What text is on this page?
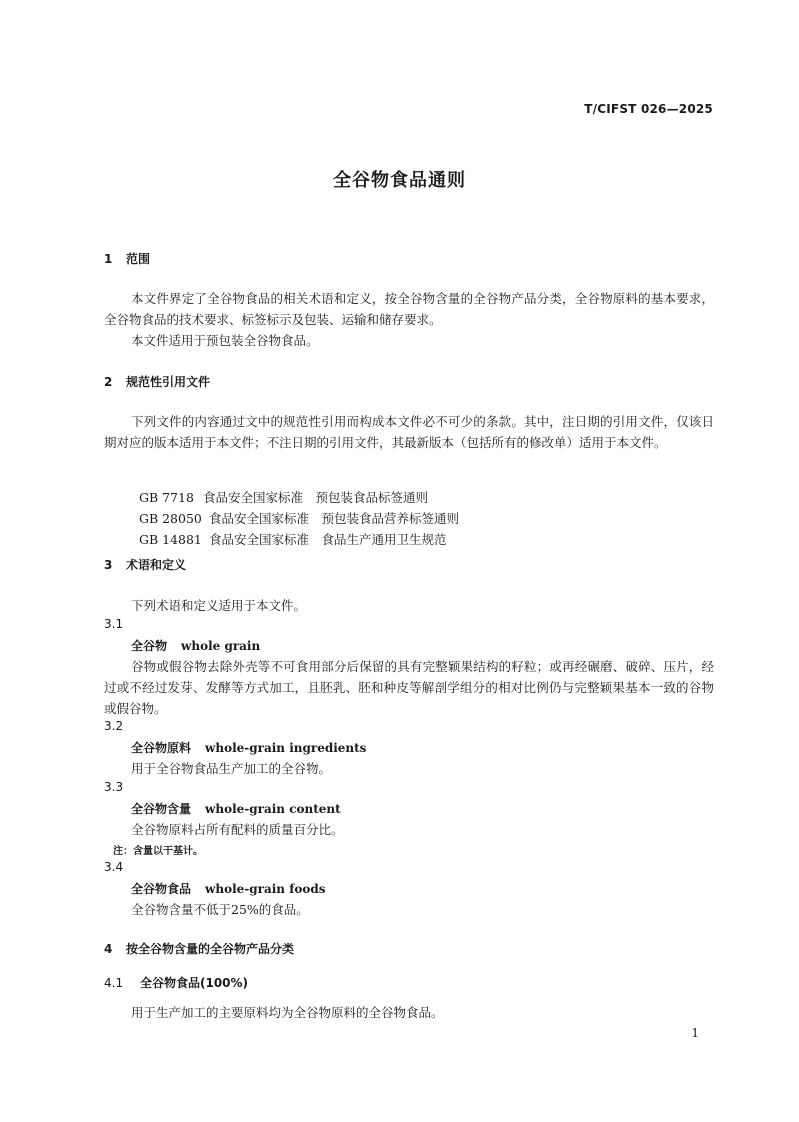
T/CIFST 026—2025
全谷物食品通则
1 范围
本文件界定了全谷物食品的相关术语和定义，按全谷物含量的全谷物产品分类，全谷物原料的基本要求，全谷物食品的技术要求、标签标示及包装、运输和储存要求。
本文件适用于预包装全谷物食品。
2 规范性引用文件
下列文件的内容通过文中的规范性引用而构成本文件必不可少的条款。其中，注日期的引用文件，仅该日期对应的版本适用于本文件；不注日期的引用文件，其最新版本（包括所有的修改单）适用于本文件。

GB 7718 食品安全国家标准　预包装食品标签通则

GB 28050 食品安全国家标准　预包装食品营养标签通则

GB 14881 食品安全国家标准　食品生产通用卫生规范

3 术语和定义
下列术语和定义适用于本文件。
3.1
全谷物 whole grain
谷物或假谷物去除外壳等不可食用部分后保留的具有完整颖果结构的籽粒；或再经碾磨、破碎、压片，经过或不经过发芽、发酵等方式加工，且胚乳、胚和种皮等解剖学组分的相对比例仍与完整颖果基本一致的谷物或假谷物。
3.2
全谷物原料 whole-grain ingredients
用于全谷物食品生产加工的全谷物。
3.3
全谷物含量 whole-grain content
全谷物原料占所有配料的质量百分比。
注：含量以干基计。
3.4
全谷物食品 whole-grain foods
全谷物含量不低于25%的食品。
4 按全谷物含量的全谷物产品分类
4.1 全谷物食品(100%)
用于生产加工的主要原料均为全谷物原料的全谷物食品。
1
